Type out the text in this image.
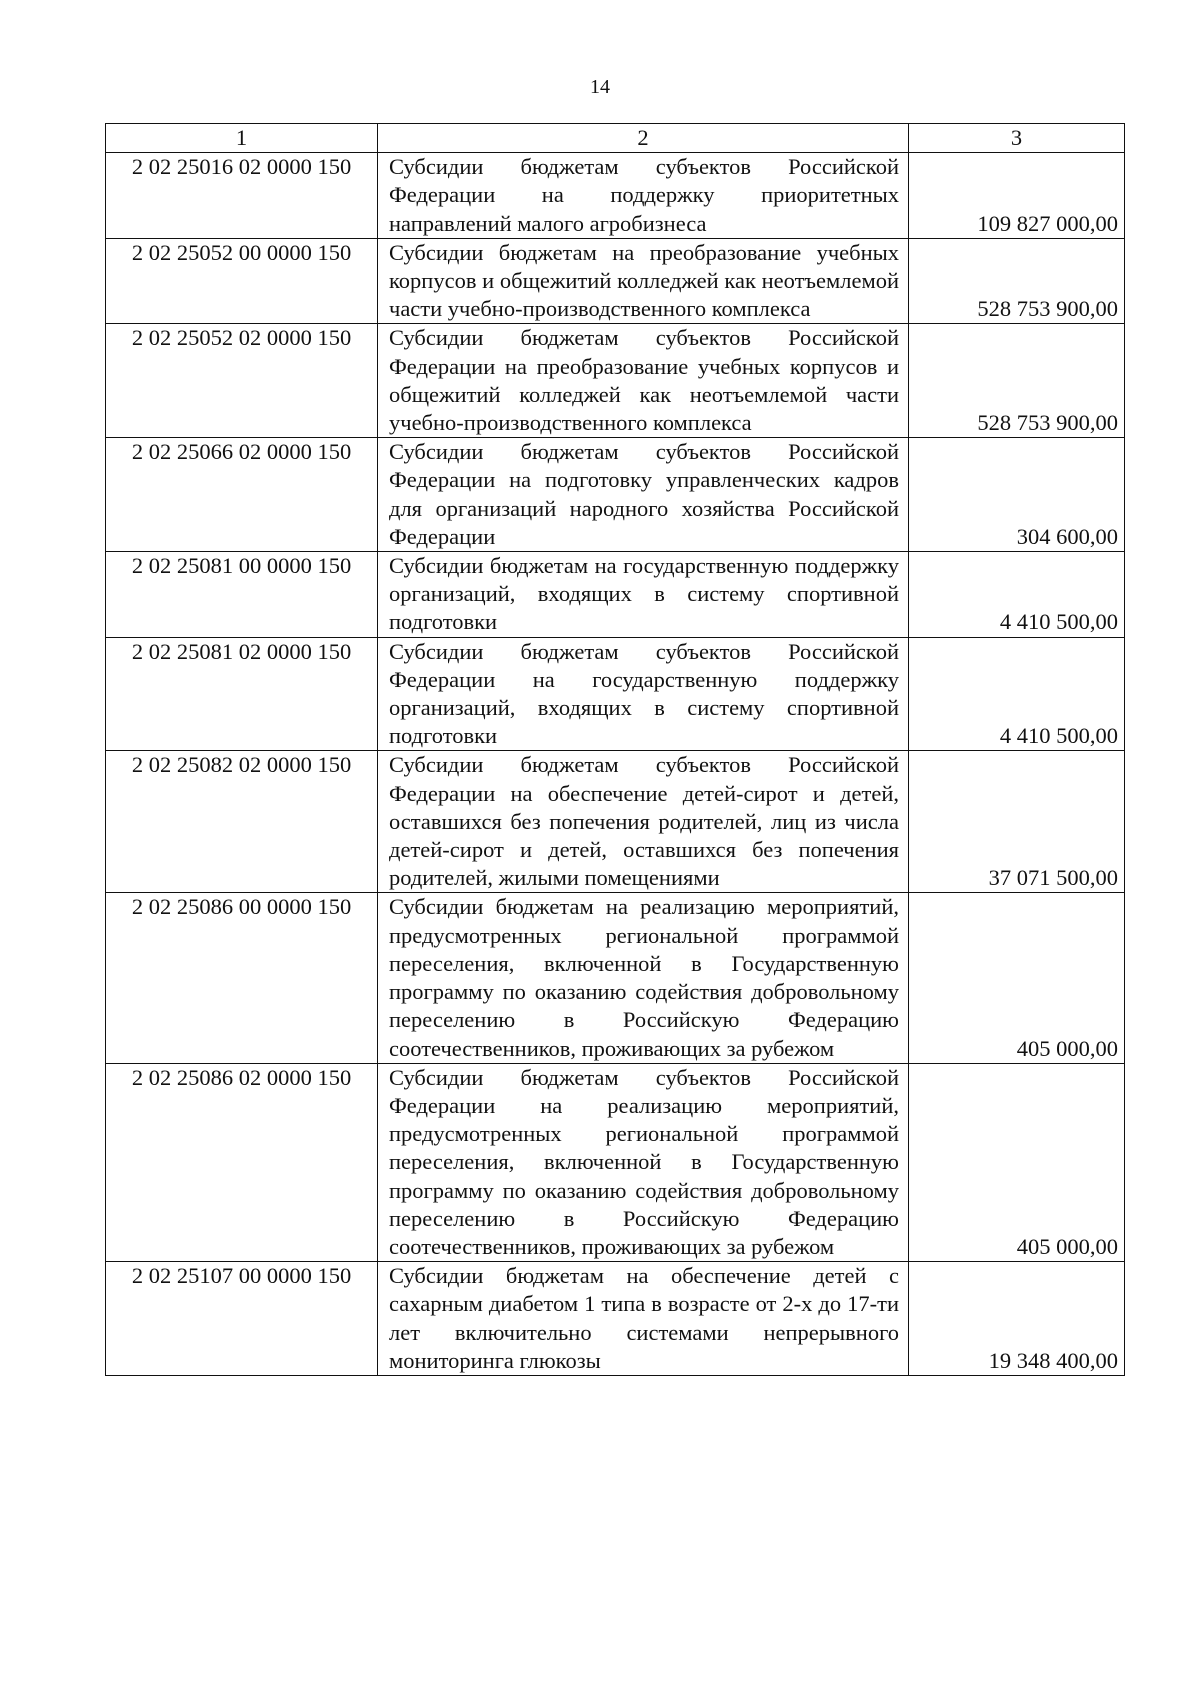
14
1	2	3
2 02 25016 02 0000 150	Субсидии бюджетам субъектов Российской Федерации на поддержку приоритетных направлений малого агробизнеса	109 827 000,00
2 02 25052 00 0000 150	Субсидии бюджетам на преобразование учебных корпусов и общежитий колледжей как неотъемлемой части учебно-производственного комплекса	528 753 900,00
2 02 25052 02 0000 150	Субсидии бюджетам субъектов Российской Федерации на преобразование учебных корпусов и общежитий колледжей как неотъемлемой части учебно-производственного комплекса	528 753 900,00
2 02 25066 02 0000 150	Субсидии бюджетам субъектов Российской Федерации на подготовку управленческих кадров для организаций народного хозяйства Российской Федерации	304 600,00
2 02 25081 00 0000 150	Субсидии бюджетам на государственную поддержку организаций, входящих в систему спортивной подготовки	4 410 500,00
2 02 25081 02 0000 150	Субсидии бюджетам субъектов Российской Федерации на государственную поддержку организаций, входящих в систему спортивной подготовки	4 410 500,00
2 02 25082 02 0000 150	Субсидии бюджетам субъектов Российской Федерации на обеспечение детей-сирот и детей, оставшихся без попечения родителей, лиц из числа детей-сирот и детей, оставшихся без попечения родителей, жилыми помещениями	37 071 500,00
2 02 25086 00 0000 150	Субсидии бюджетам на реализацию мероприятий, предусмотренных региональной программой переселения, включенной в Государственную программу по оказанию содействия добровольному переселению в Российскую Федерацию соотечественников, проживающих за рубежом	405 000,00
2 02 25086 02 0000 150	Субсидии бюджетам субъектов Российской Федерации на реализацию мероприятий, предусмотренных региональной программой переселения, включенной в Государственную программу по оказанию содействия добровольному переселению в Российскую Федерацию соотечественников, проживающих за рубежом	405 000,00
2 02 25107 00 0000 150	Субсидии бюджетам на обеспечение детей с сахарным диабетом 1 типа в возрасте от 2-х до 17-ти лет включительно системами непрерывного мониторинга глюкозы	19 348 400,00
